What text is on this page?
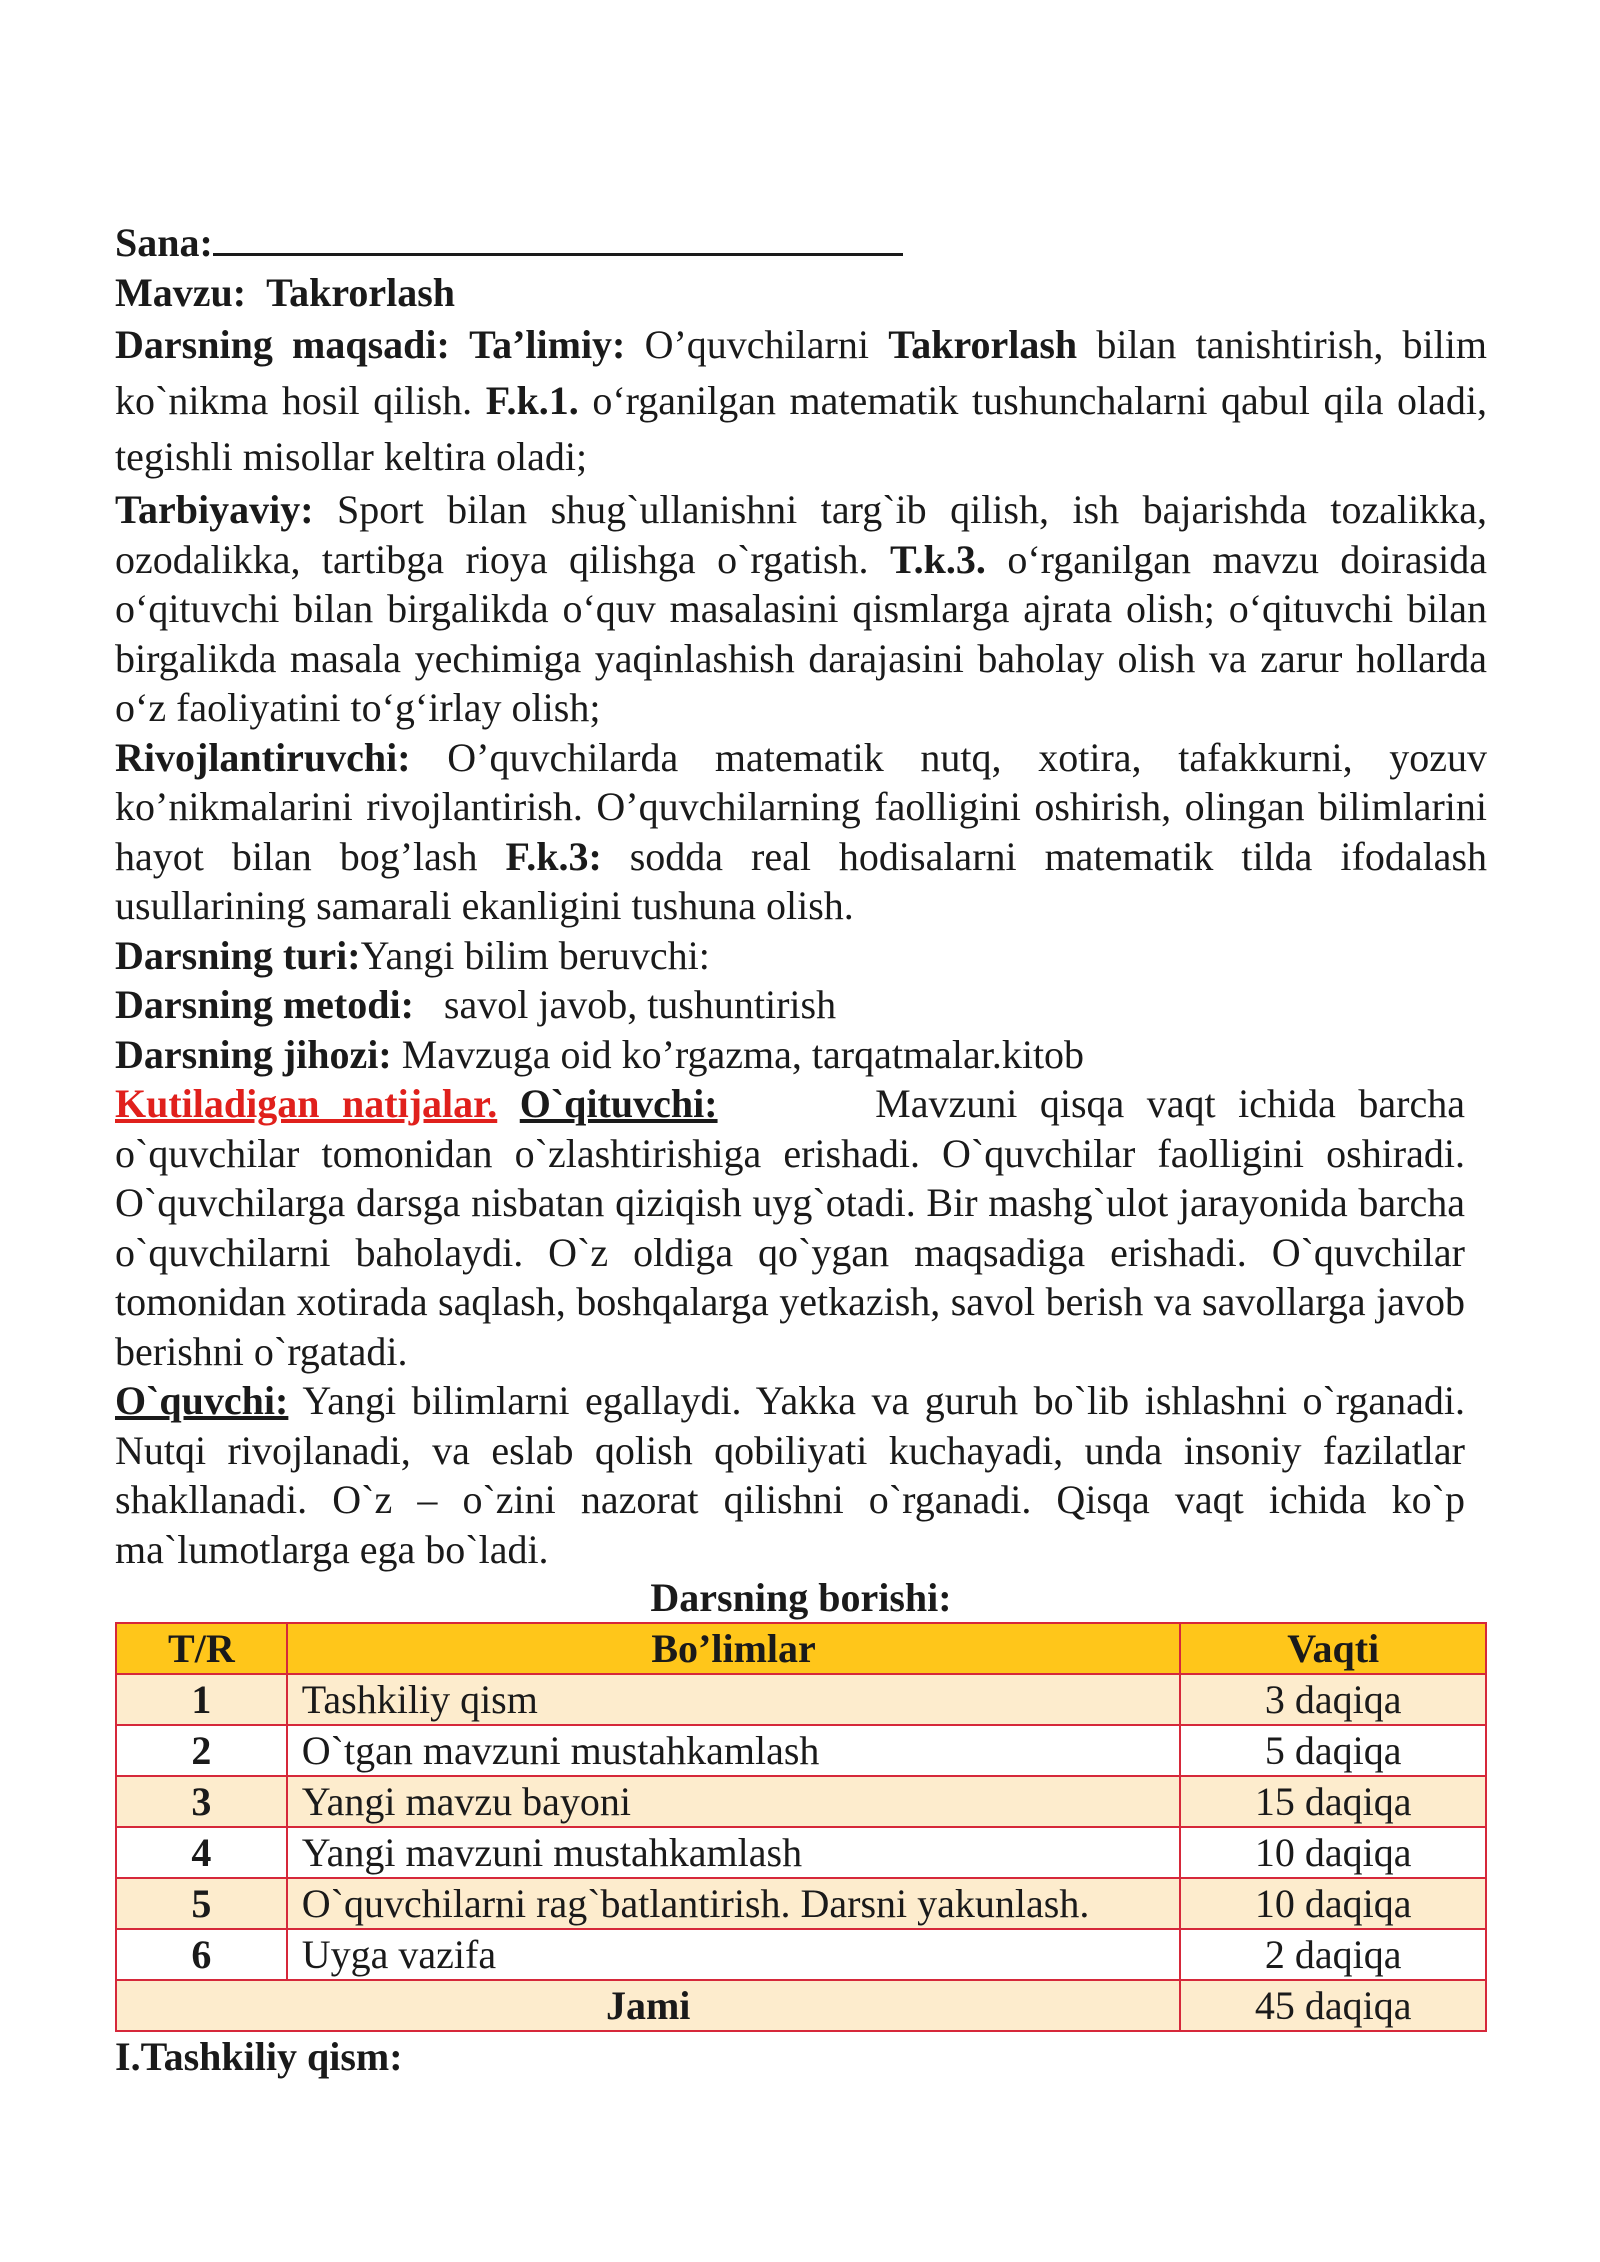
Sana:

Mavzu: Takrorlash

Darsning maqsadi: Ta’limiy: O’quvchilarni Takrorlash bilan tanishtirish, bilim ko`nikma hosil qilish. F.k.1. o‘rganilgan matematik tushunchalarni qabul qila oladi, tegishli misollar keltira oladi;

Tarbiyaviy: Sport bilan shug`ullanishni targ`ib qilish, ish bajarishda tozalikka, ozodalikka, tartibga rioya qilishga o`rgatish. T.k.3. o‘rganilgan mavzu doirasida o‘qituvchi bilan birgalikda o‘quv masalasini qismlarga ajrata olish; o‘qituvchi bilan birgalikda masala yechimiga yaqinlashish darajasini baholay olish va zarur hollarda o‘z faoliyatini to‘g‘irlay olish;

Rivojlantiruvchi: O’quvchilarda matematik nutq, xotira, tafakkurni, yozuv ko’nikmalarini rivojlantirish. O’quvchilarning faolligini oshirish, olingan bilimlarini hayot bilan bog’lash F.k.3: sodda real hodisalarni matematik tilda ifodalash usullarining samarali ekanligini tushuna olish.

Darsning turi:Yangi bilim beruvchi:

Darsning metodi: savol javob, tushuntirish

Darsning jihozi: Mavzuga oid ko’rgazma, tarqatmalar.kitob

Kutiladigan natijalar. O`qituvchi:	Mavzuni qisqa vaqt ichida barcha o`quvchilar tomonidan o`zlashtirishiga erishadi. O`quvchilar faolligini oshiradi. O`quvchilarga darsga nisbatan qiziqish uyg`otadi. Bir mashg`ulot jarayonida barcha o`quvchilarni baholaydi. O`z oldiga qo`ygan maqsadiga erishadi. O`quvchilar tomonidan xotirada saqlash, boshqalarga yetkazish, savol berish va savollarga javob berishni o`rgatadi.

O`quvchi: Yangi bilimlarni egallaydi. Yakka va guruh bo`lib ishlashni o`rganadi. Nutqi rivojlanadi, va eslab qolish qobiliyati kuchayadi, unda insoniy fazilatlar shakllanadi. O`z – o`zini nazorat qilishni o`rganadi. Qisqa vaqt ichida ko`p ma`lumotlarga ega bo`ladi.

Darsning borishi:

T/R	Bo’limlar	Vaqti
1	Tashkiliy qism	3 daqiqa
2	O`tgan mavzuni mustahkamlash	5 daqiqa
3	Yangi mavzu bayoni	15 daqiqa
4	Yangi mavzuni mustahkamlash	10 daqiqa
5	O`quvchilarni rag`batlantirish. Darsni yakunlash.	10 daqiqa
6	Uyga vazifa	2 daqiqa
Jami		45 daqiqa

I.Tashkiliy qism:
